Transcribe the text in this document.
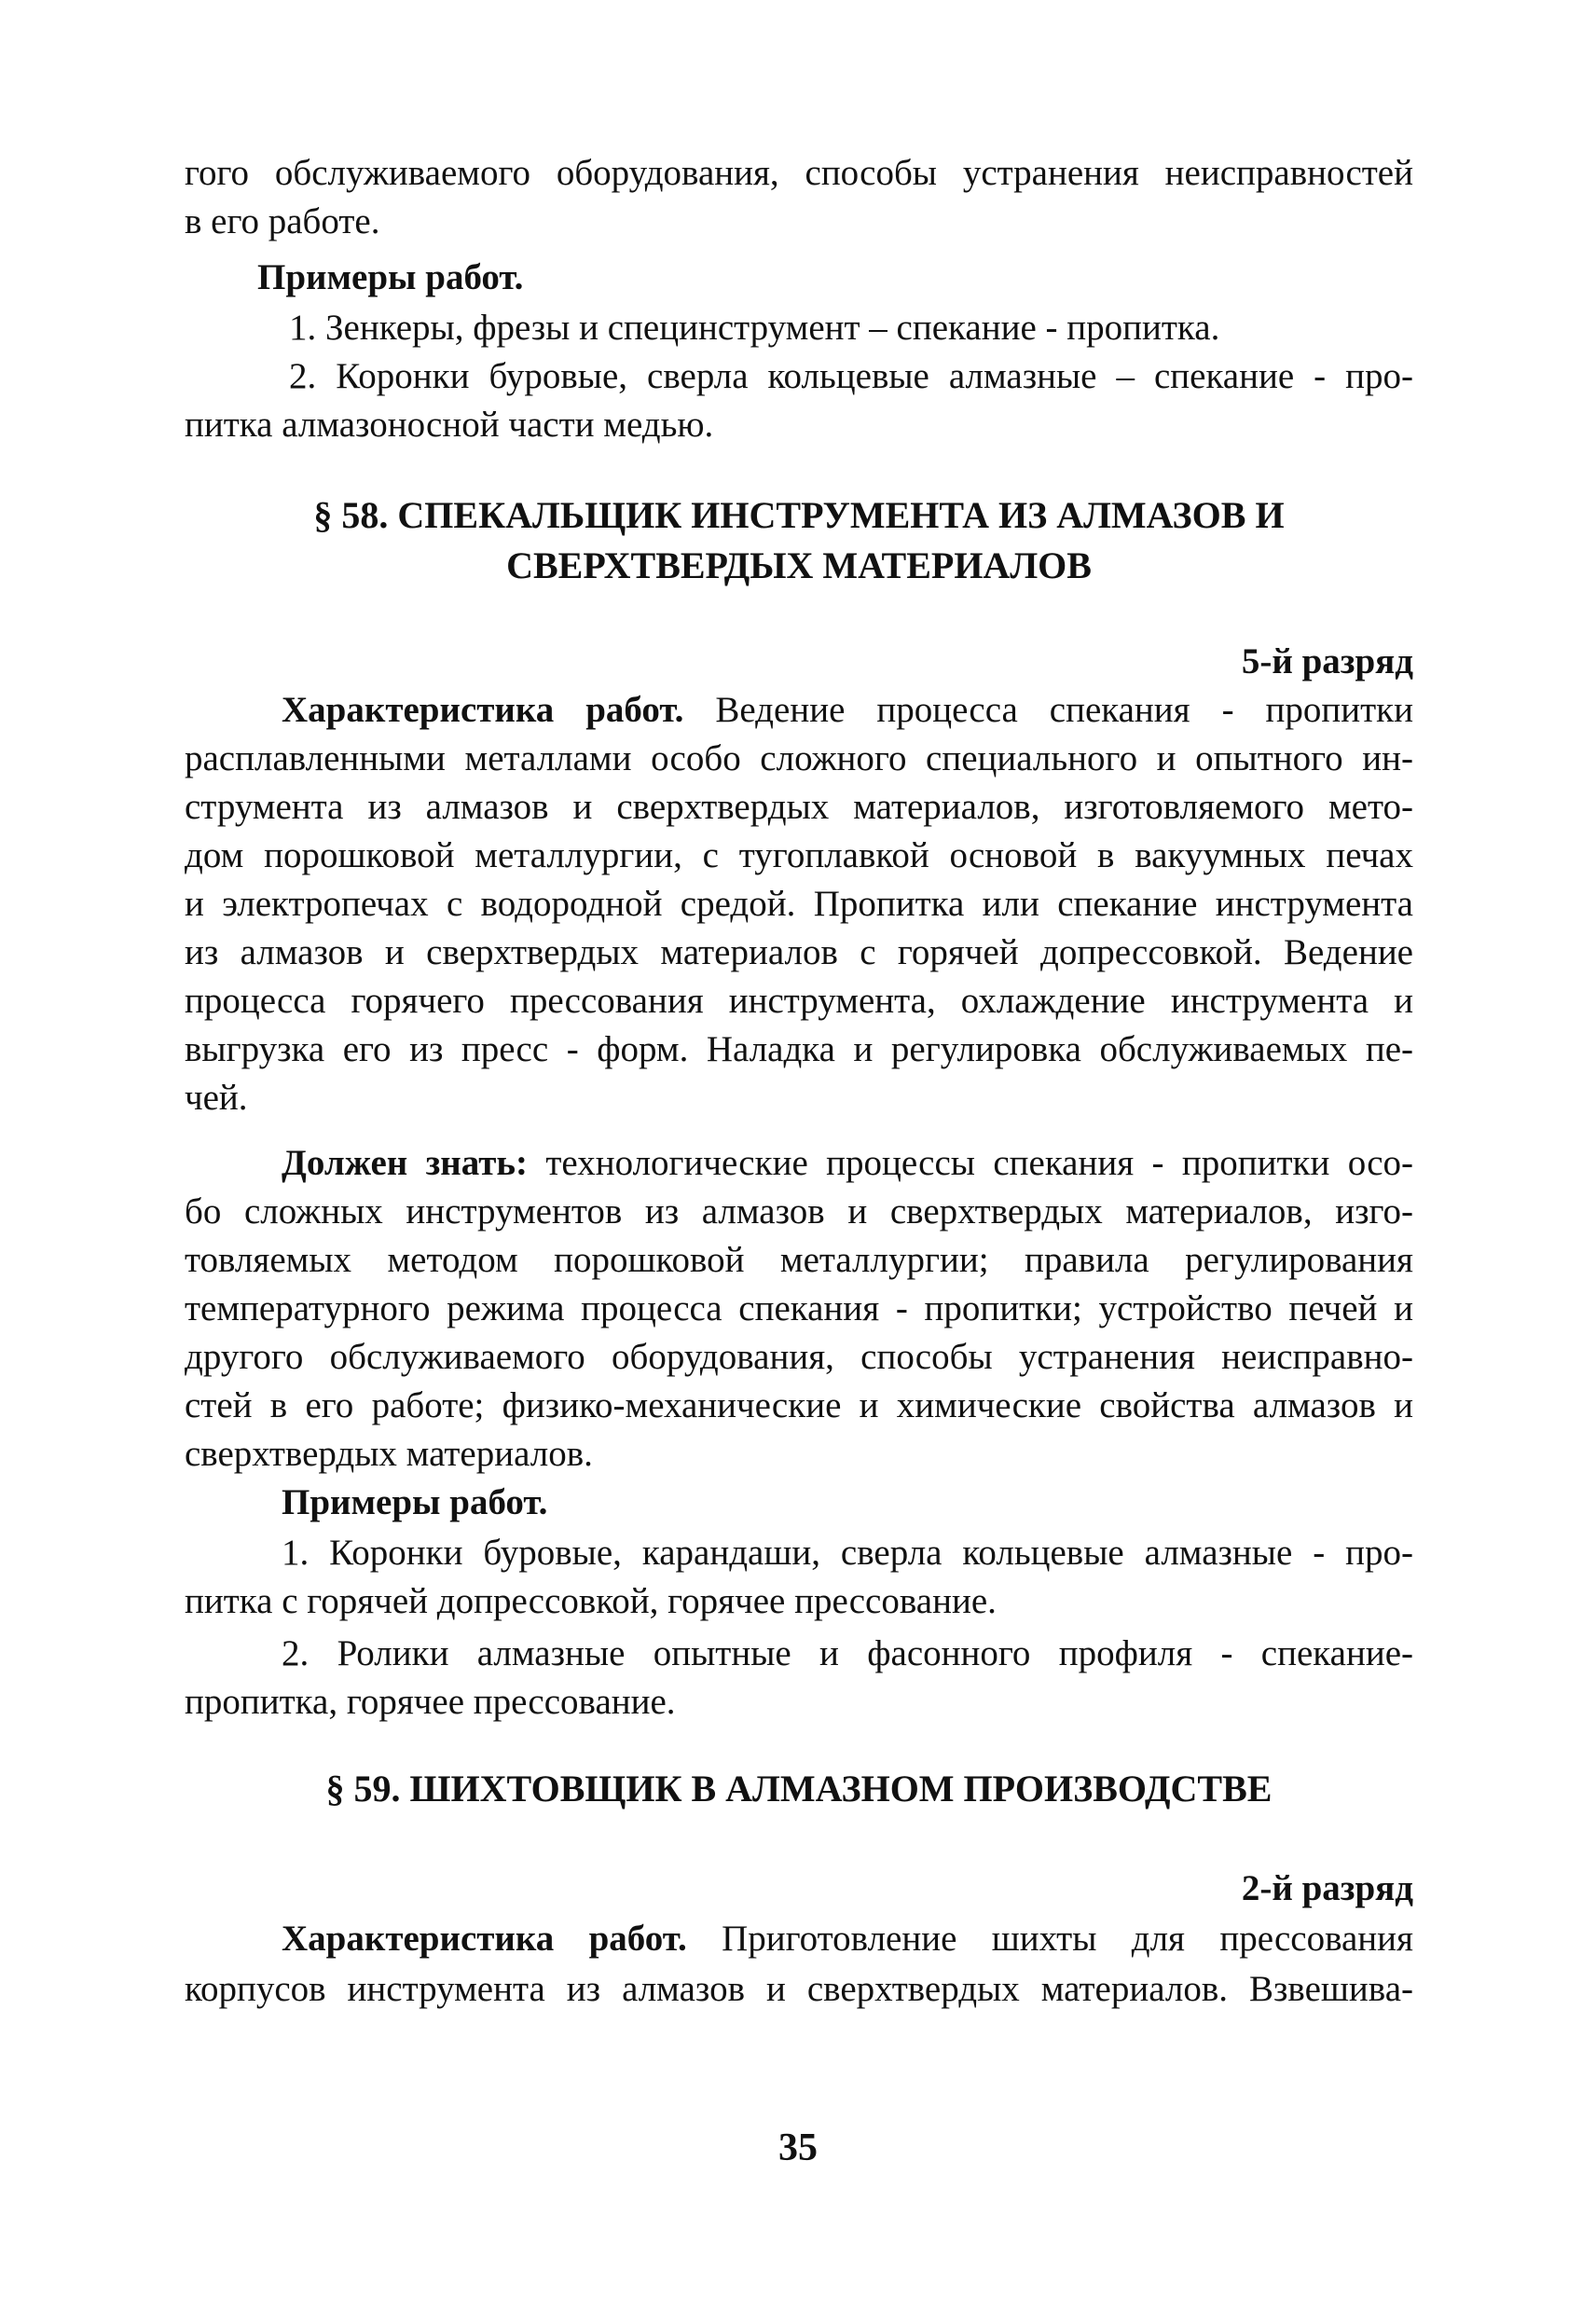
гого обслуживаемого оборудования, способы устранения неисправностей
в его работе.
Примеры работ.
1. Зенкеры, фрезы и специнструмент – спекание - пропитка.
2. Коронки буровые, сверла кольцевые алмазные – спекание - про-
питка алмазоносной части медью.
§ 58. СПЕКАЛЬЩИК ИНСТРУМЕНТА ИЗ АЛМАЗОВ И
СВЕРХТВЕРДЫХ МАТЕРИАЛОВ
5-й разряд
Характеристика работ. Ведение процесса спекания - пропитки
расплавленными металлами особо сложного специального и опытного ин-
струмента из алмазов и сверхтвердых материалов, изготовляемого мето-
дом порошковой металлургии, с тугоплавкой основой в вакуумных печах
и электропечах с водородной средой. Пропитка или спекание инструмента
из алмазов и сверхтвердых материалов с горячей допрессовкой. Ведение
процесса горячего прессования инструмента, охлаждение инструмента и
выгрузка его из пресс - форм. Наладка и регулировка обслуживаемых пе-
чей.
Должен знать: технологические процессы спекания - пропитки осо-
бо сложных инструментов из алмазов и сверхтвердых материалов, изго-
товляемых методом порошковой металлургии; правила регулирования
температурного режима процесса спекания - пропитки; устройство печей и
другого обслуживаемого оборудования, способы устранения неисправно-
стей в его работе; физико-механические и химические свойства алмазов и
сверхтвердых материалов.
Примеры работ.
1. Коронки буровые, карандаши, сверла кольцевые алмазные - про-
питка с горячей допрессовкой, горячее прессование.
2. Ролики алмазные опытные и фасонного профиля - спекание-
пропитка, горячее прессование.
§ 59. ШИХТОВЩИК В АЛМАЗНОМ ПРОИЗВОДСТВЕ
2-й разряд
Характеристика работ. Приготовление шихты для прессования
корпусов инструмента из алмазов и сверхтвердых материалов. Взвешива-
35
